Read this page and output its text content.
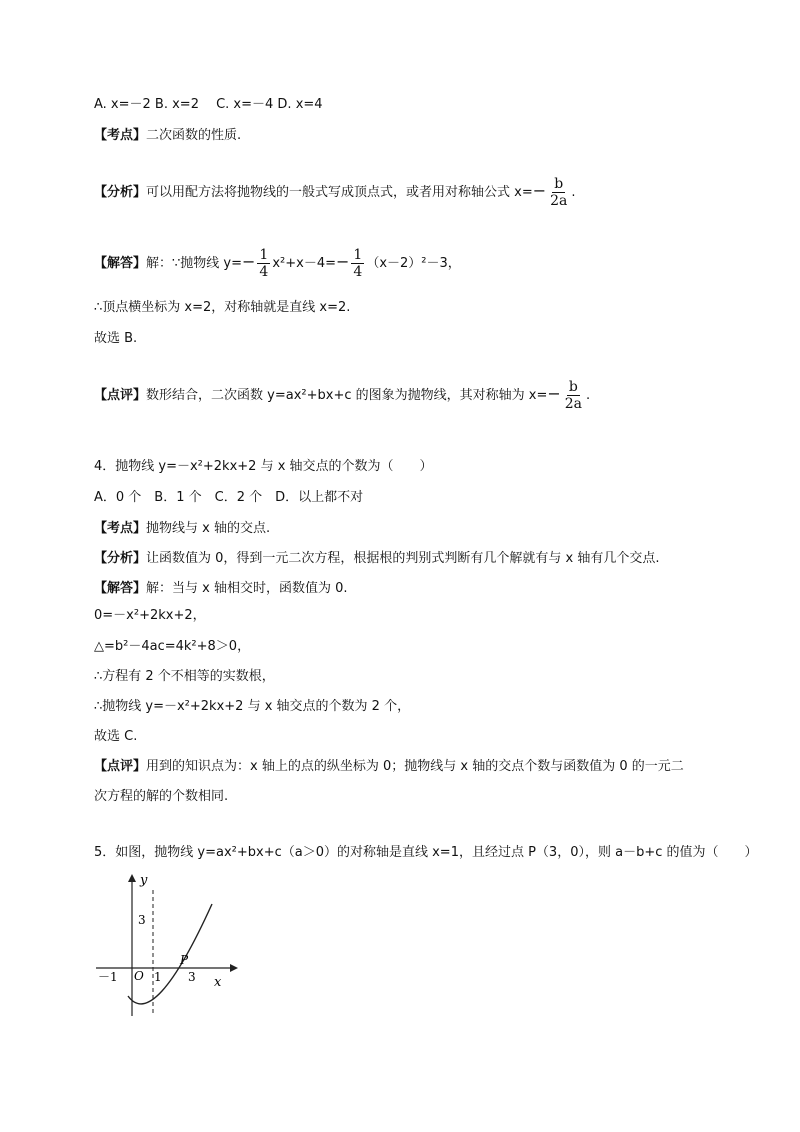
A. x=－2 B. x=2 　C. x=－4 D. x=4
【考点】二次函数的性质.
【分析】可以用配方法将抛物线的一般式写成顶点式，或者用对称轴公式 $x=- \frac{b}{2a}$ .
【解答】解：∵抛物线 $y=- \frac{1}{4} x^2+x-4=- \frac{1}{4} (x-2)^2-3$，
∴顶点横坐标为 x=2，对称轴就是直线 x=2.
故选 B.
【点评】数形结合，二次函数 y=ax²+bx+c 的图象为抛物线，其对称轴为 $x=- \frac{b}{2a}$ .
4．抛物线 y=－x²+2kx+2 与 x 轴交点的个数为（　　）
A．0 个　B．1 个　C．2 个　D．以上都不对
【考点】抛物线与 x 轴的交点.
【分析】让函数值为 0，得到一元二次方程，根据根的判别式判断有几个解就有与 x 轴有几个交点.
【解答】解：当与 x 轴相交时，函数值为 0.
0=－x²+2kx+2，
△=b²－4ac=4k²+8＞0，
∴方程有 2 个不相等的实数根，
∴抛物线 y=－x²+2kx+2 与 x 轴交点的个数为 2 个，
故选 C.
【点评】用到的知识点为：x 轴上的点的纵坐标为 0；抛物线与 x 轴的交点个数与函数值为 0 的一元二
次方程的解的个数相同.
5．如图，抛物线 y=ax²+bx+c（a＞0）的对称轴是直线 x=1，且经过点 P（3，0），则 a－b+c 的值为（　　）
y
x
3
－1 O 1 3
P
